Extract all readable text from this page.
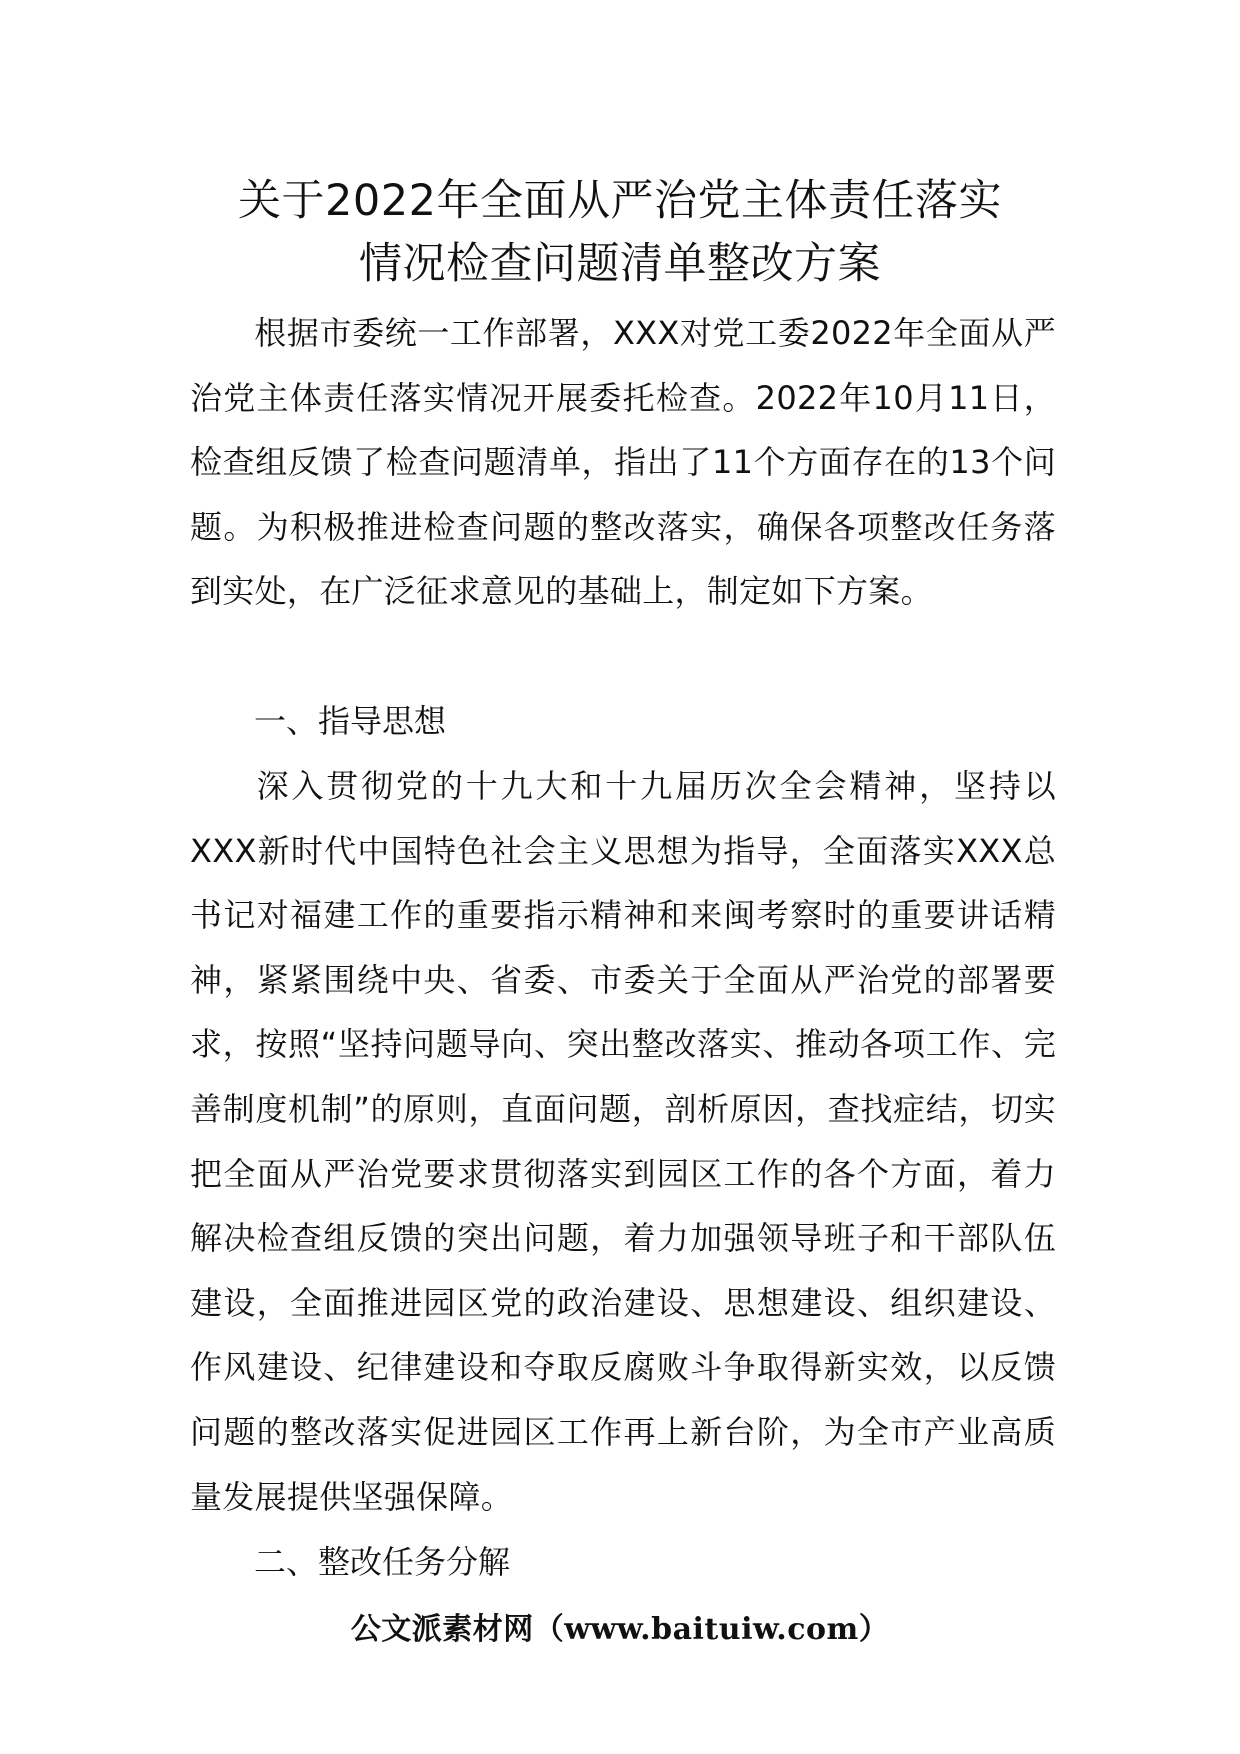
关于2022年全面从严治党主体责任落实
情况检查问题清单整改方案

根据市委统一工作部署，XXX对党工委2022年全面从严治党主体责任落实情况开展委托检查。2022年10月11日，检查组反馈了检查问题清单，指出了11个方面存在的13个问题。为积极推进检查问题的整改落实，确保各项整改任务落到实处，在广泛征求意见的基础上，制定如下方案。

一、指导思想

深入贯彻党的十九大和十九届历次全会精神，坚持以XXX新时代中国特色社会主义思想为指导，全面落实XXX总书记对福建工作的重要指示精神和来闽考察时的重要讲话精神，紧紧围绕中央、省委、市委关于全面从严治党的部署要求，按照“坚持问题导向、突出整改落实、推动各项工作、完善制度机制”的原则，直面问题，剖析原因，查找症结，切实把全面从严治党要求贯彻落实到园区工作的各个方面，着力解决检查组反馈的突出问题，着力加强领导班子和干部队伍建设，全面推进园区党的政治建设、思想建设、组织建设、作风建设、纪律建设和夺取反腐败斗争取得新实效，以反馈问题的整改落实促进园区工作再上新台阶，为全市产业高质量发展提供坚强保障。

二、整改任务分解

公文派素材网（www.baituiw.com）
